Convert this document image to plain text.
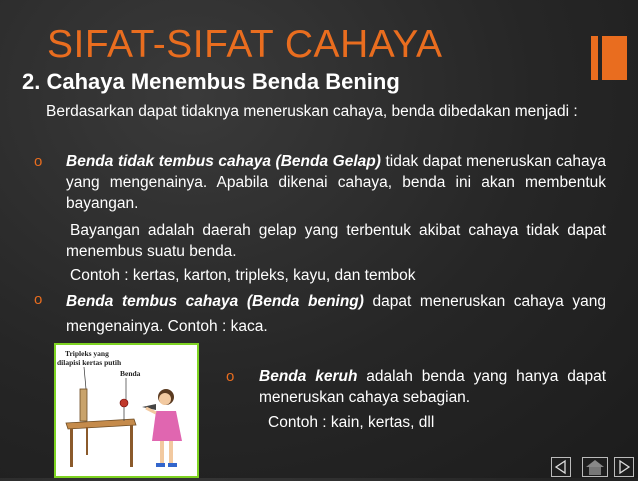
SIFAT-SIFAT CAHAYA
2. Cahaya Menembus Benda Bening
Berdasarkan dapat tidaknya meneruskan cahaya, benda dibedakan menjadi :
o Benda tidak tembus cahaya (Benda Gelap) tidak dapat meneruskan cahaya yang mengenainya. Apabila dikenai cahaya, benda ini akan membentuk bayangan.
Bayangan adalah daerah gelap yang terbentuk akibat cahaya tidak dapat menembus suatu benda.
Contoh : kertas, karton, tripleks, kayu, dan tembok
o Benda tembus cahaya (Benda bening) dapat meneruskan cahaya yang mengenainya. Contoh : kaca.
Tripleks yang
dilapisi kertas putih
Benda	o Benda keruh adalah benda yang hanya dapat meneruskan cahaya sebagian.
Contoh : kain, kertas, dll
